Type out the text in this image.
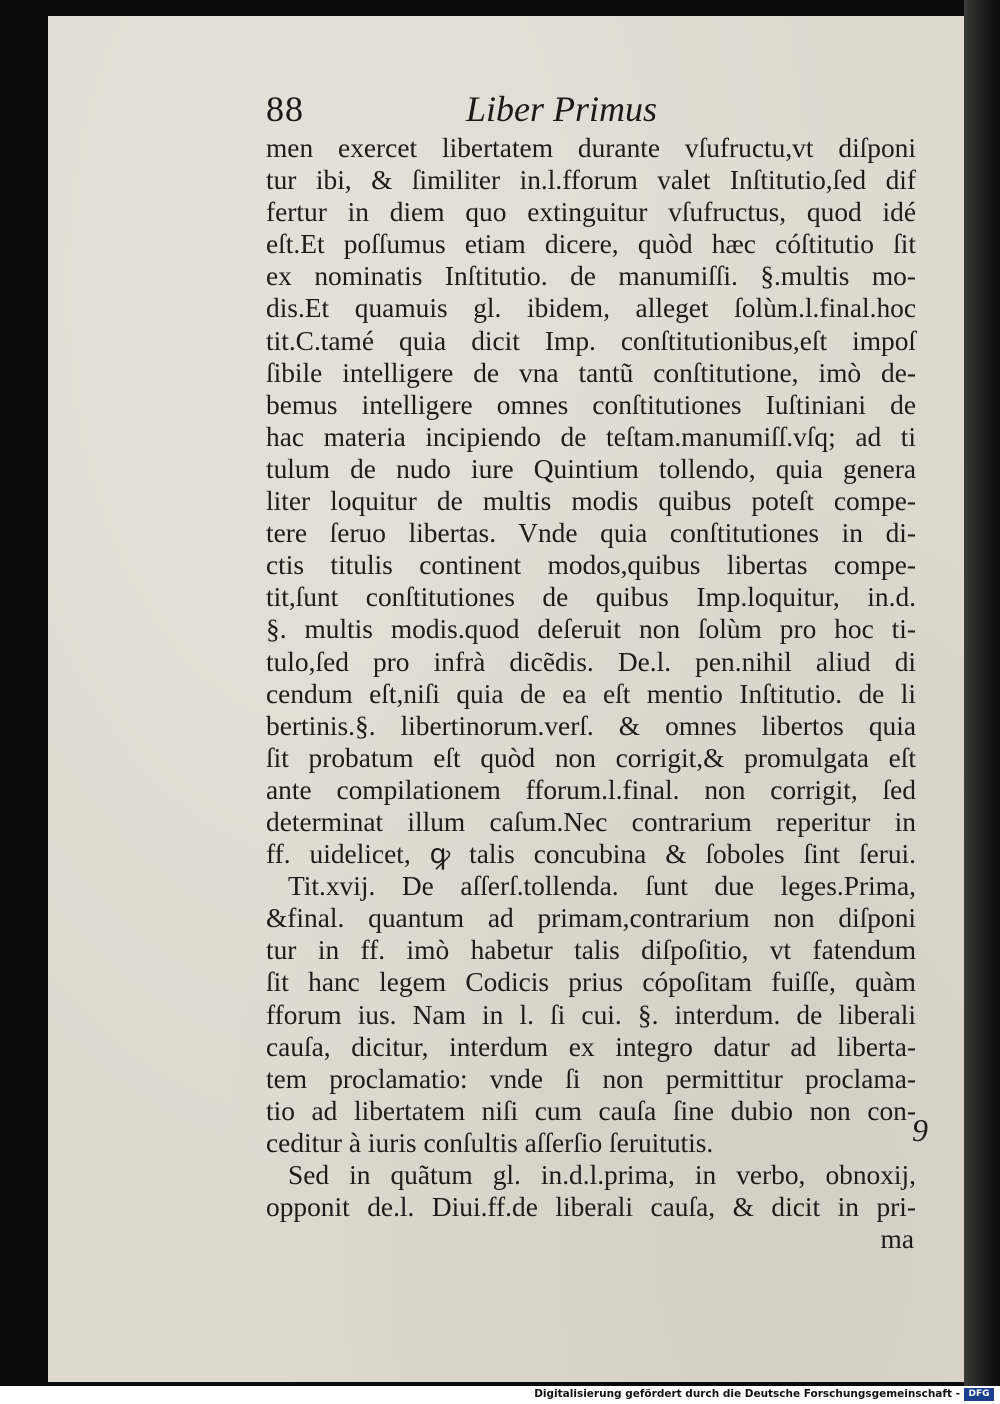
88	Liber Primus
men exercet libertatem durante vſufructu,vt diſponi
tur ibi, & ſimiliter in.l.fforum valet Inſtitutio,ſed dif
fertur in diem quo extinguitur vſufructus, quod idé
eſt.Et poſſumus etiam dicere, quòd hæc cóſtitutio ſit
ex nominatis Inſtitutio. de manumiſſi. §.multis mo-
dis.Et quamuis gl. ibidem, alleget ſolùm.l.final.hoc
tit.C.tamé quia dicit Imp. conſtitutionibus,eſt impoſ
ſibile intelligere de vna tantũ conſtitutione, imò de-
bemus intelligere omnes conſtitutiones Iuſtiniani de
hac materia incipiendo de teſtam.manumiſſ.vſq; ad ti
tulum de nudo iure Quintium tollendo, quia genera
liter loquitur de multis modis quibus poteſt compe-
tere ſeruo libertas. Vnde quia conſtitutiones in di-
ctis titulis continent modos,quibus libertas compe-
tit,ſunt conſtitutiones de quibus Imp.loquitur, in.d.
§. multis modis.quod deſeruit non ſolùm pro hoc ti-
tulo,ſed pro infrà dicẽdis. De.l. pen.nihil aliud di
cendum eſt,niſi quia de ea eſt mentio Inſtitutio. de li
bertinis.§. libertinorum.verſ. & omnes libertos quia
ſit probatum eſt quòd non corrigit,& promulgata eſt
ante compilationem fforum.l.final. non corrigit, ſed
determinat illum caſum.Nec contrarium reperitur in
ff. uidelicet, ꝙ talis concubina & ſoboles ſint ſerui.
Tit.xvij. De aſſerſ.tollenda. ſunt due leges.Prima,
&final. quantum ad primam,contrarium non diſponi
tur in ff. imò habetur talis diſpoſitio, vt fatendum
ſit hanc legem Codicis prius cópoſitam fuiſſe, quàm
fforum ius. Nam in l. ſi cui. §. interdum. de liberali
cauſa, dicitur, interdum ex integro datur ad liberta-
tem proclamatio: vnde ſi non permittitur proclama-
tio ad libertatem niſi cum cauſa ſine dubio non con-
ceditur à iuris conſultis aſſerſio ſeruitutis.
Sed in quãtum gl. in.d.l.prima, in verbo, obnoxij,
opponit de.l. Diui.ff.de liberali cauſa, & dicit in pri-
ma
9
Digitalisierung gefördert durch die Deutsche Forschungsgemeinschaft - DFG
